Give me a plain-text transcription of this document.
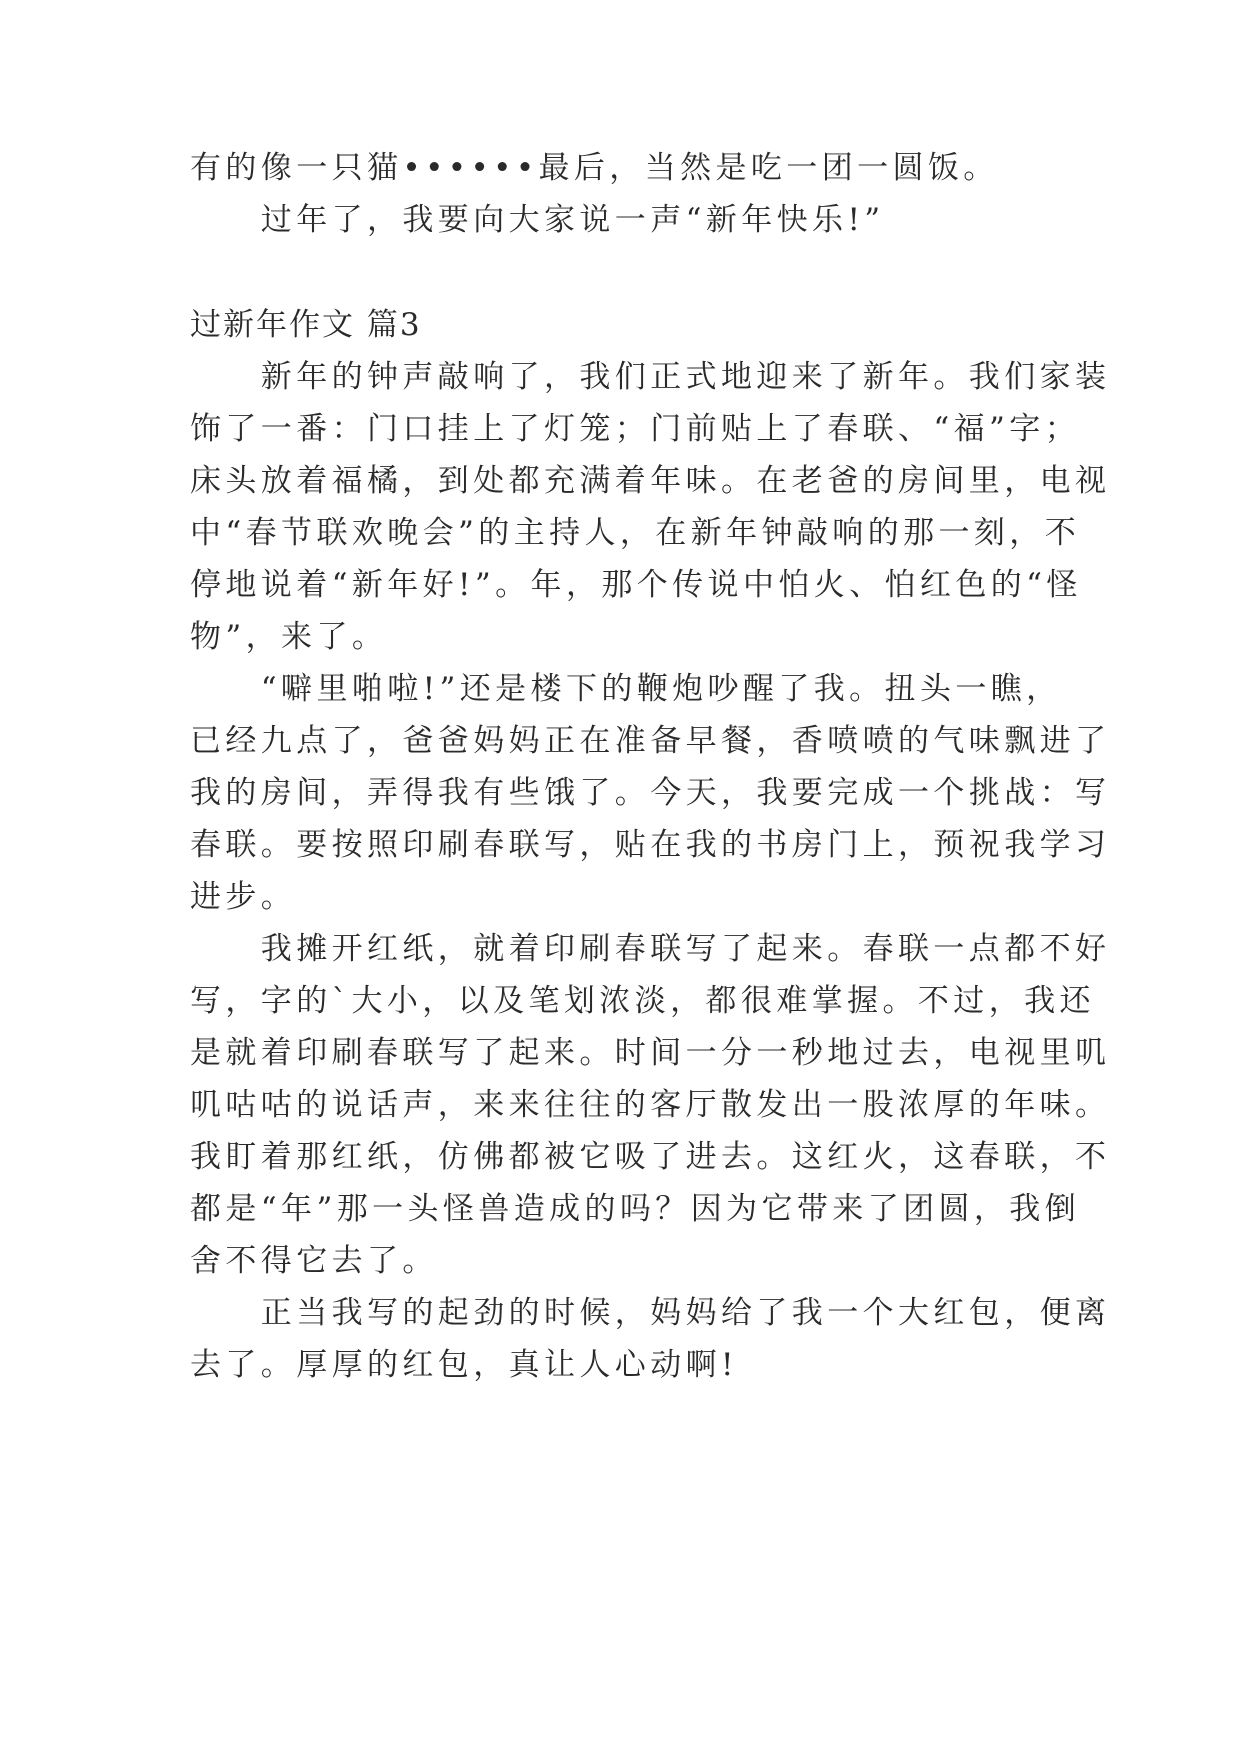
有的像一只猫••••••最后，当然是吃一团一圆饭。
　　过年了，我要向大家说一声“新年快乐!”
过新年作文 篇3
　　新年的钟声敲响了，我们正式地迎来了新年。我们家装
饰了一番：门口挂上了灯笼；门前贴上了春联、“福”字；
床头放着福橘，到处都充满着年味。在老爸的房间里，电视
中“春节联欢晚会”的主持人，在新年钟敲响的那一刻，不
停地说着“新年好!”。年，那个传说中怕火、怕红色的“怪
物”，来了。
　　“噼里啪啦!”还是楼下的鞭炮吵醒了我。扭头一瞧，
已经九点了，爸爸妈妈正在准备早餐，香喷喷的气味飘进了
我的房间，弄得我有些饿了。今天，我要完成一个挑战：写
春联。要按照印刷春联写，贴在我的书房门上，预祝我学习
进步。
　　我摊开红纸，就着印刷春联写了起来。春联一点都不好
写，字的`大小，以及笔划浓淡，都很难掌握。不过，我还
是就着印刷春联写了起来。时间一分一秒地过去，电视里叽
叽咕咕的说话声，来来往往的客厅散发出一股浓厚的年味。
我盯着那红纸，仿佛都被它吸了进去。这红火，这春联，不
都是“年”那一头怪兽造成的吗？因为它带来了团圆，我倒
舍不得它去了。
　　正当我写的起劲的时候，妈妈给了我一个大红包，便离
去了。厚厚的红包，真让人心动啊!
